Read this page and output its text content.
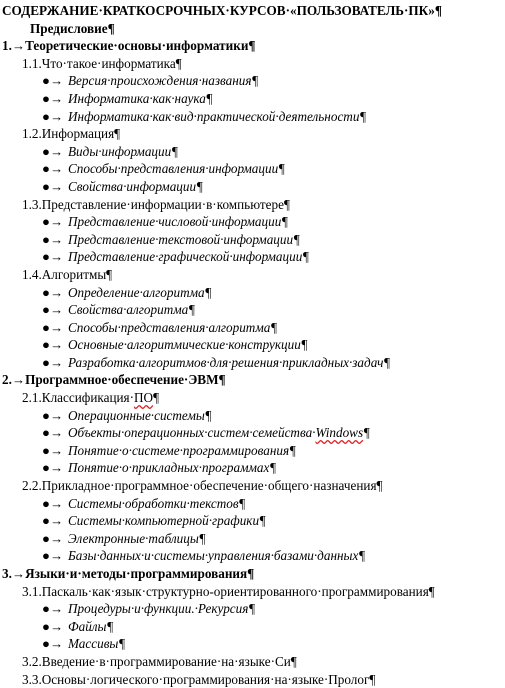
СОДЕРЖАНИЕ·КРАТКОСРОЧНЫХ·КУРСОВ·«ПОЛЬЗОВАТЕЛЬ·ПК»¶
Предисловие¶
1.→Теоретические·основы·информатики¶
1.1.Что·такое·информатика¶
●→ Версия·происхождения·названия¶
●→ Информатика·как·наука¶
●→ Информатика·как·вид·практической·деятельности¶
1.2.Информация¶
●→ Виды·информации¶
●→ Способы·представления·информации¶
●→ Свойства·информации¶
1.3.Представление·информации·в·компьютере¶
●→ Представление·числовой·информации¶
●→ Представление·текстовой·информации¶
●→ Представление·графической·информации¶
1.4.Алгоритмы¶
●→ Определение·алгоритма¶
●→ Свойства·алгоритма¶
●→ Способы·представления·алгоритма¶
●→ Основные·алгоритмические·конструкции¶
●→ Разработка·алгоритмов·для·решения·прикладных·задач¶
2.→Программное·обеспечение·ЭВМ¶
2.1.Классификация·ПО¶
●→ Операционные·системы¶
●→ Объекты·операционных·систем·семейства·Windows¶
●→ Понятие·о·системе·программирования¶
●→ Понятие·о·прикладных·программах¶
2.2.Прикладное·программное·обеспечение·общего·назначения¶
●→ Системы·обработки·текстов¶
●→ Системы·компьютерной·графики¶
●→ Электронные·таблицы¶
●→ Базы·данных·и·системы·управления·базами·данных¶
3.→Языки·и·методы·программирования¶
3.1.Паскаль·как·язык·структурно-ориентированного·программирования¶
●→ Процедуры·и·функции.·Рекурсия¶
●→ Файлы¶
●→ Массивы¶
3.2.Введение·в·программирование·на·языке·Си¶
3.3.Основы·логического·программирования·на·языке·Пролог¶
